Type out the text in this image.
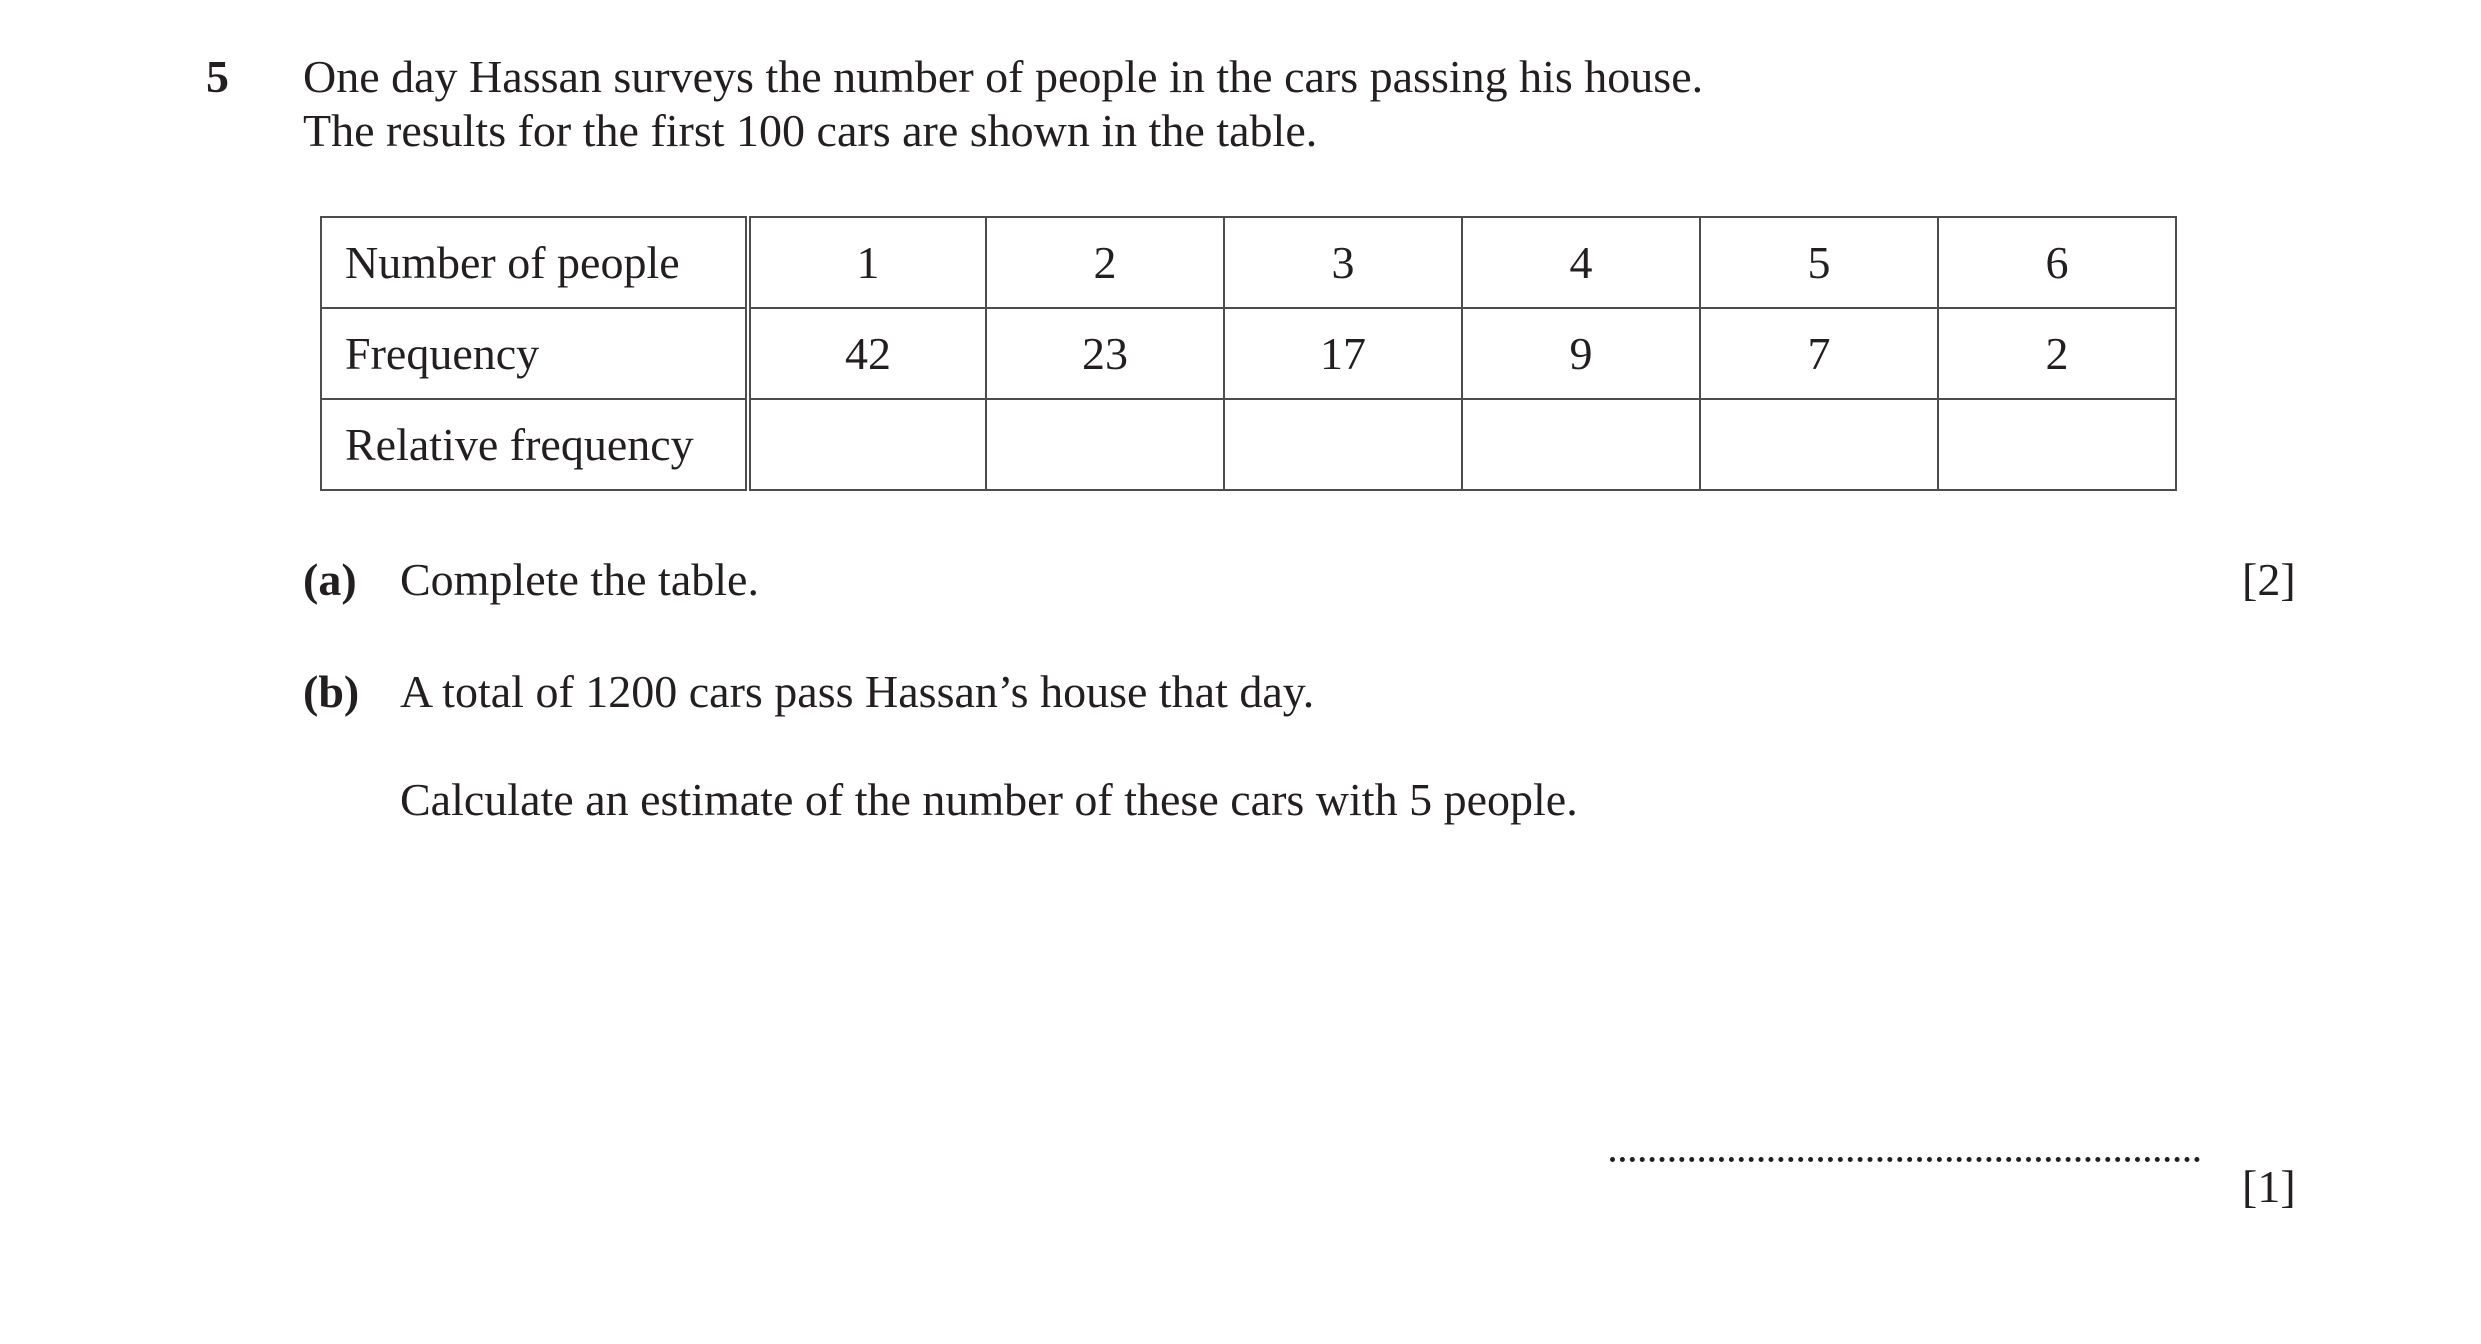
5 One day Hassan surveys the number of people in the cars passing his house.
The results for the first 100 cars are shown in the table.
Number of people	1	2	3	4	5	6
Frequency	42	23	17	9	7	2
Relative frequency						
(a) Complete the table.	[2]
(b) A total of 1200 cars pass Hassan’s house that day.
Calculate an estimate of the number of these cars with 5 people.
[1]
